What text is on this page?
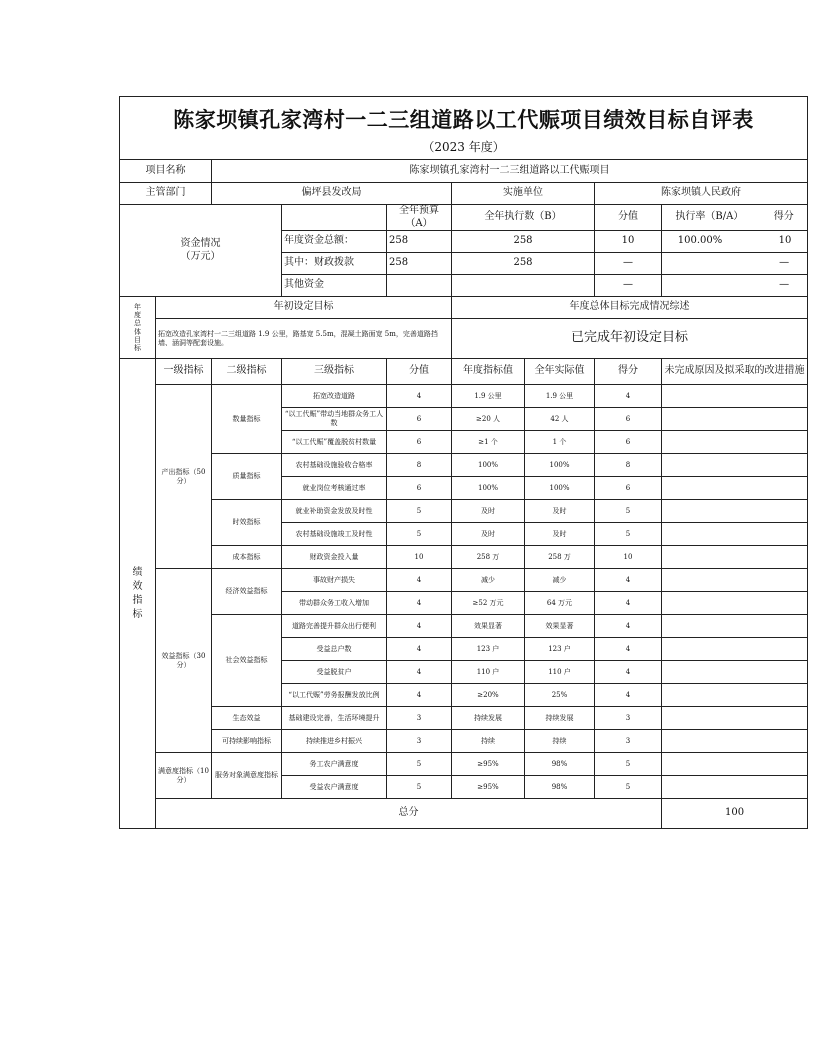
陈家坝镇孔家湾村一二三组道路以工代赈项目绩效目标自评表
（2023 年度）									

项目名称		陈家坝镇孔家湾村一二三组道路以工代赈项目							
主管部门		偏坪县发改局			实施单位		陈家坝镇人民政府		

资金情况
（万元）				全年预算（A）	全年执行数（B）		分值	执行率（B/A） 得分	
			年度资金总额：	258	258		10	100.00% 10	
			其中：财政拨款	258	258		—	—	
			其他资金				—	—	

年度总体目标	年初设定目标				年度总体目标完成情况综述				
	拓宽改造孔家湾村一二三组道路 1.9 公里，路基宽 5.5m，混凝土路面宽 5m，完善道路挡墙、涵洞等配套设施。				已完成年初设定目标				

绩效指标	一级指标	二级指标	三级指标	分值	年度指标值	全年实际值	得分	未完成原因及拟采取的改进措施	
	产出指标（50 分）	数量指标	拓宽改造道路	4	1.9 公里	1.9 公里	4		
			“以工代赈”带动当地群众务工人数	6	≥20 人	42 人	6		
			“以工代赈”覆盖脱贫村数量	6	≥1 个	1 个	6		
		质量指标	农村基础设施验收合格率	8	100%	100%	8		
			就业岗位考核通过率	6	100%	100%	6		
		时效指标	就业补助资金发放及时性	5	及时	及时	5		
			农村基础设施竣工及时性	5	及时	及时	5		
		成本指标	财政资金投入量	10	258 万	258 万	10		
	效益指标（30 分）	经济效益指标	事故财产损失	4	减少	减少	4		
			带动群众务工收入增加	4	≥52 万元	64 万元	4		
		社会效益指标	道路完善提升群众出行便利	4	效果显著	效果显著	4		
			受益总户数	4	123 户	123 户	4		
			受益脱贫户	4	110 户	110 户	4		
			“以工代赈”劳务报酬发放比例	4	≥20%	25%	4		
		生态效益	基础建设完善，生活环境提升	3	持续发展	持续发展	3		
		可持续影响指标	持续推进乡村振兴	3	持续	持续	3		
	满意度指标（10 分）	服务对象满意度指标	务工农户满意度	5	≥95%	98%	5		
			受益农户满意度	5	≥95%	98%	5		
	总分							100	
